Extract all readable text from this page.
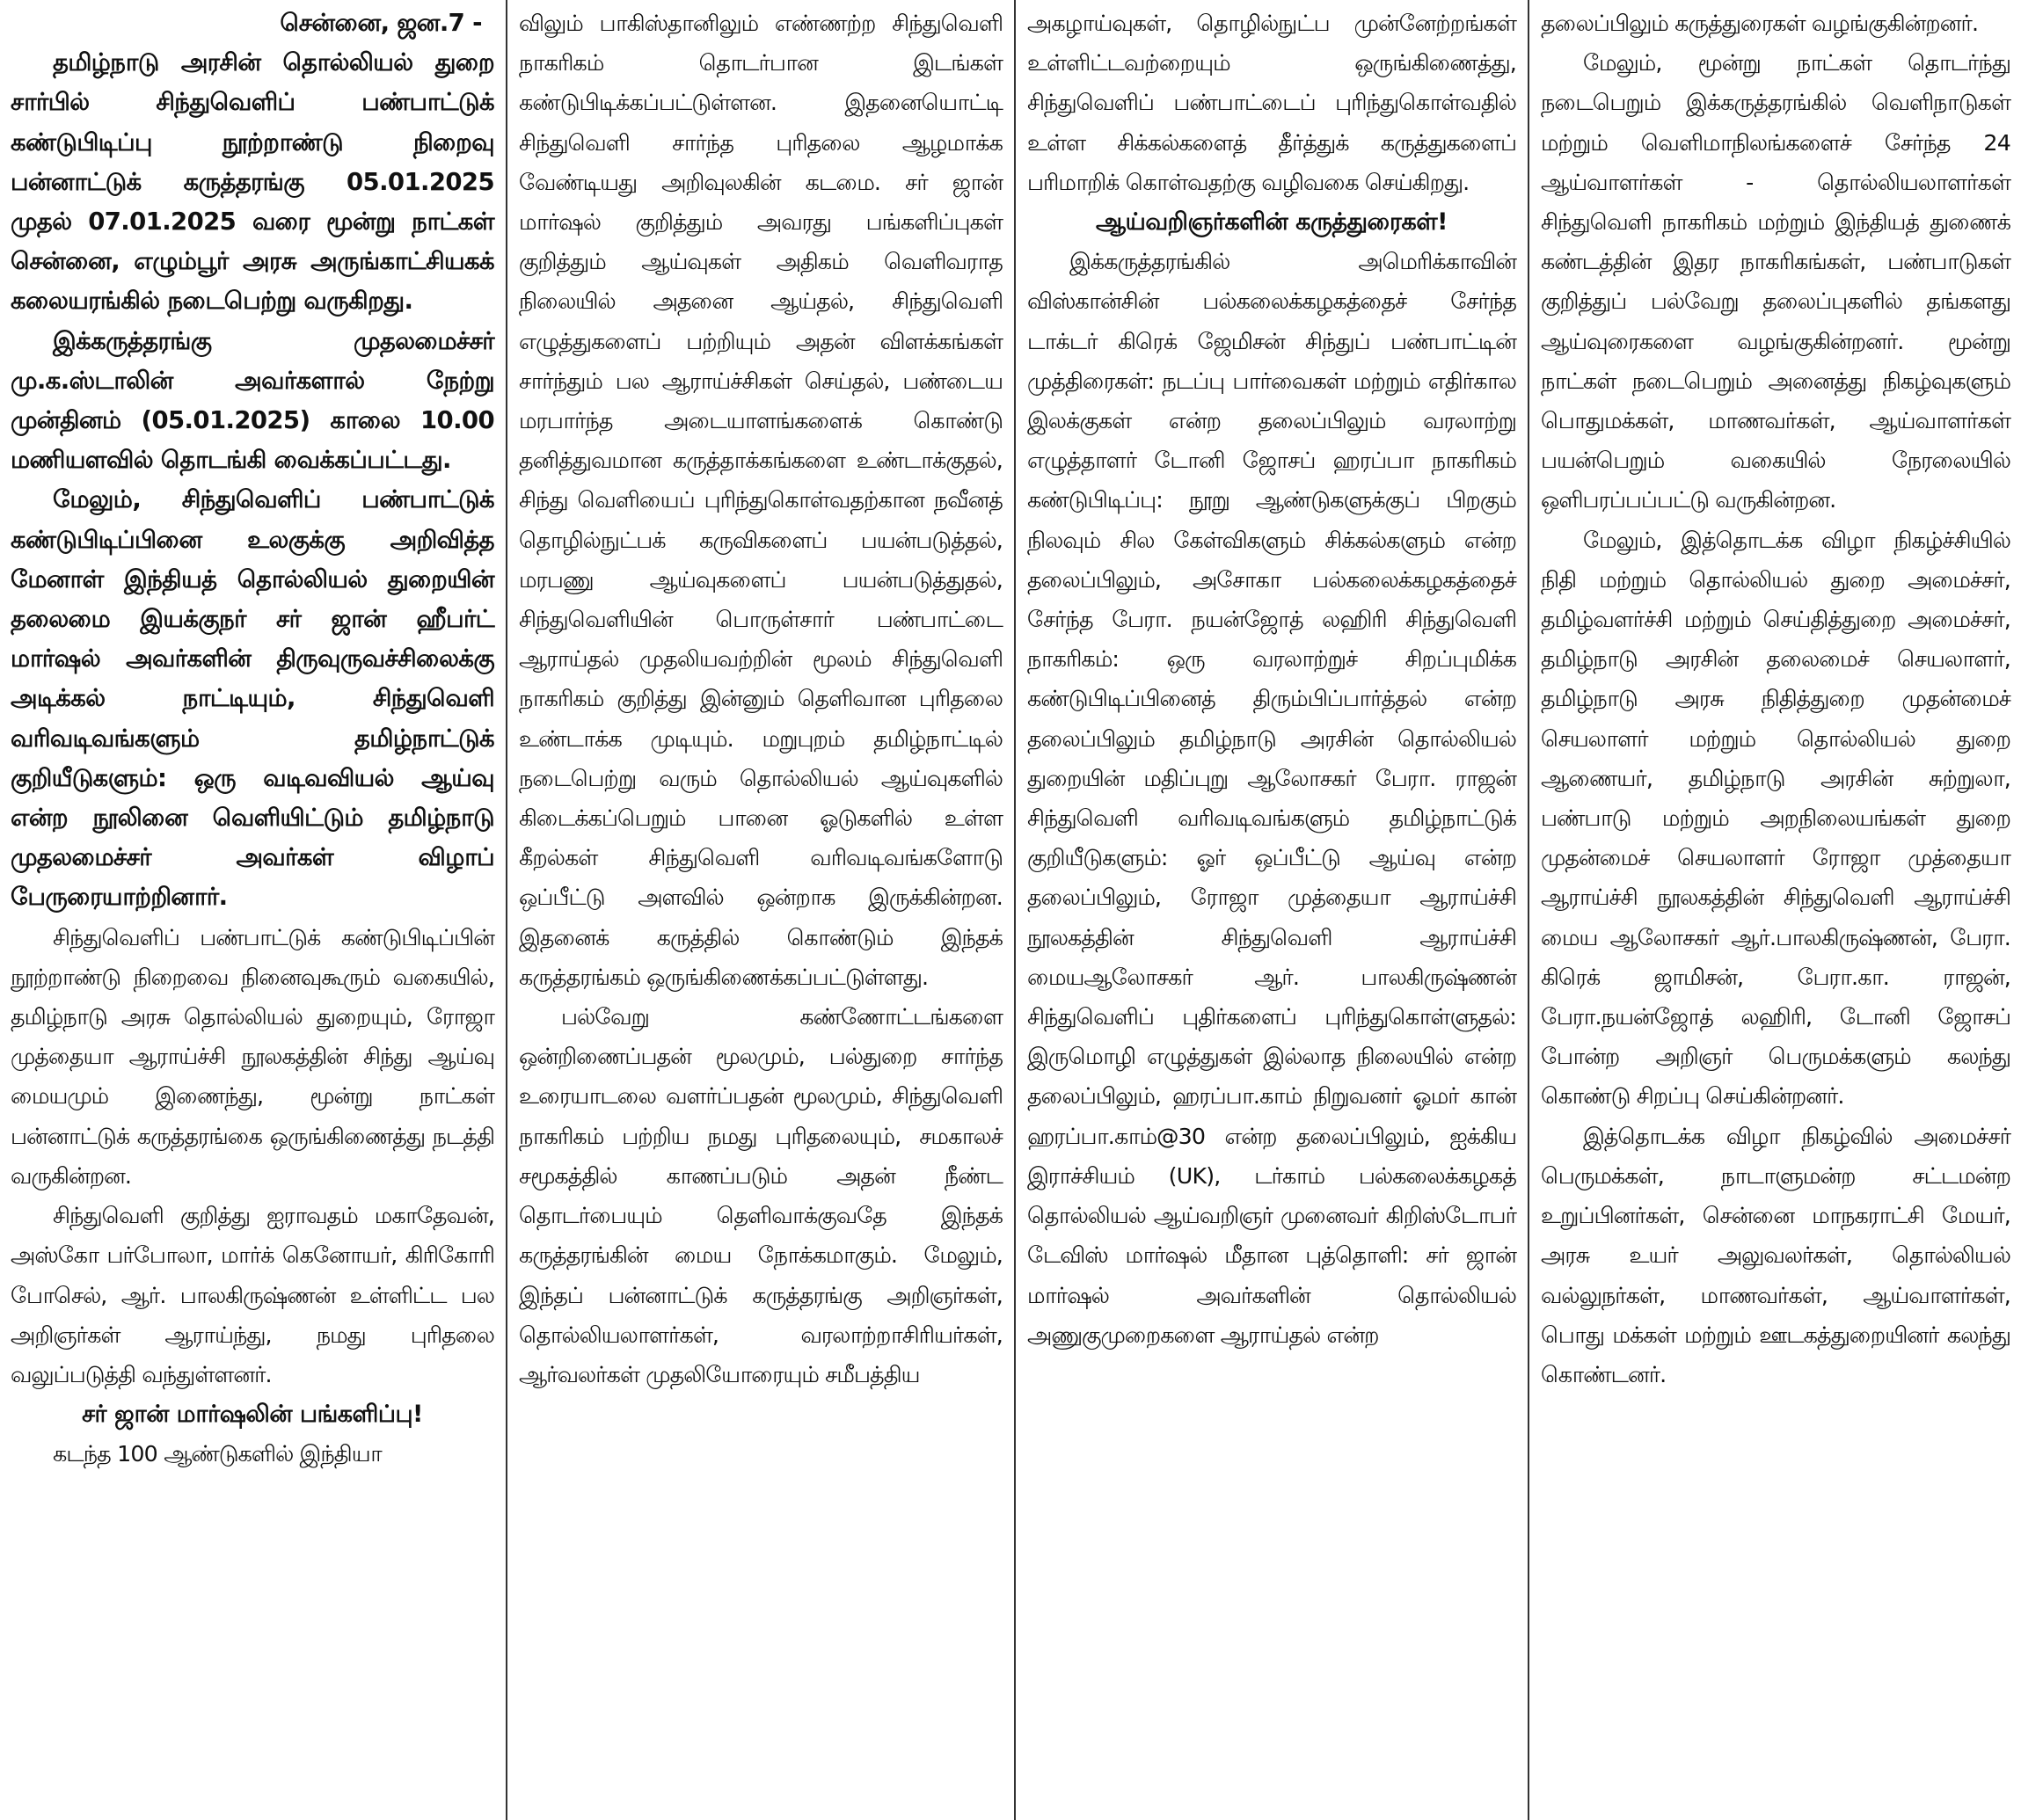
சென்னை, ஜன.7 -

தமிழ்நாடு அரசின் தொல்லியல் துறை சார்பில் சிந்துவெளிப் பண்பாட்டுக் கண்டுபிடிப்பு நூற்றாண்டு நிறைவு பன்னாட்டுக் கருத்தரங்கு 05.01.2025 முதல் 07.01.2025 வரை மூன்று நாட்கள் சென்னை, எழும்பூர் அரசு அருங்காட்சியகக் கலையரங்கில் நடைபெற்று வருகிறது.

இக்கருத்தரங்கு முதலமைச்சர் மு.க.ஸ்டாலின் அவர்களால் நேற்று முன்தினம் (05.01.2025) காலை 10.00 மணியளவில் தொடங்கி வைக்கப்பட்டது.

மேலும், சிந்துவெளிப் பண்பாட்டுக் கண்டுபிடிப்பினை உலகுக்கு அறிவித்த மேனாள் இந்தியத் தொல்லியல் துறையின் தலைமை இயக்குநர் சர் ஜான் ஹீபர்ட் மார்ஷல் அவர்களின் திருவுருவச்சிலைக்கு அடிக்கல் நாட்டியும், சிந்துவெளி வரிவடிவங்களும் தமிழ்நாட்டுக் குறியீடுகளும்: ஒரு வடிவவியல் ஆய்வு என்ற நூலினை வெளியிட்டும் தமிழ்நாடு முதலமைச்சர் அவர்கள் விழாப் பேருரையாற்றினார்.

சிந்துவெளிப் பண்பாட்டுக் கண்டுபிடிப்பின் நூற்றாண்டு நிறைவை நினைவுகூரும் வகையில், தமிழ்நாடு அரசு தொல்லியல் துறையும், ரோஜா முத்தையா ஆராய்ச்சி நூலகத்தின் சிந்து ஆய்வு மையமும் இணைந்து, மூன்று நாட்கள் பன்னாட்டுக் கருத்தரங்கை ஒருங்கிணைத்து நடத்தி வருகின்றன.

சிந்துவெளி குறித்து ஐராவதம் மகாதேவன், அஸ்கோ பர்போலா, மார்க் கெனோயர், கிரிகோரி போசெல், ஆர். பாலகிருஷ்ணன் உள்ளிட்ட பல அறிஞர்கள் ஆராய்ந்து, நமது புரிதலை வலுப்படுத்தி வந்துள்ளனர்.

சர் ஜான் மார்ஷலின் பங்களிப்பு!

கடந்த 100 ஆண்டுகளில் இந்தியா

விலும் பாகிஸ்தானிலும் எண்ணற்ற சிந்துவெளி நாகரிகம் தொடர்பான இடங்கள் கண்டுபிடிக்கப்பட்டுள்ளன. இதனையொட்டி சிந்துவெளி சார்ந்த புரிதலை ஆழமாக்க வேண்டியது அறிவுலகின் கடமை. சர் ஜான் மார்ஷல் குறித்தும் அவரது பங்களிப்புகள் குறித்தும் ஆய்வுகள் அதிகம் வெளிவராத நிலையில் அதனை ஆய்தல், சிந்துவெளி எழுத்துகளைப் பற்றியும் அதன் விளக்கங்கள் சார்ந்தும் பல ஆராய்ச்சிகள் செய்தல், பண்டைய மரபார்ந்த அடையாளங்களைக் கொண்டு தனித்துவமான கருத்தாக்கங்களை உண்டாக்குதல், சிந்து வெளியைப் புரிந்துகொள்வதற்கான நவீனத் தொழில்நுட்பக் கருவிகளைப் பயன்படுத்தல், மரபணு ஆய்வுகளைப் பயன்படுத்துதல், சிந்துவெளியின் பொருள்சார் பண்பாட்டை ஆராய்தல் முதலியவற்றின் மூலம் சிந்துவெளி நாகரிகம் குறித்து இன்னும் தெளிவான புரிதலை உண்டாக்க முடியும். மறுபுறம் தமிழ்நாட்டில் நடைபெற்று வரும் தொல்லியல் ஆய்வுகளில் கிடைக்கப்பெறும் பானை ஓடுகளில் உள்ள கீறல்கள் சிந்துவெளி வரிவடிவங்களோடு ஒப்பீட்டு அளவில் ஒன்றாக இருக்கின்றன. இதனைக் கருத்தில் கொண்டும் இந்தக் கருத்தரங்கம் ஒருங்கிணைக்கப்பட்டுள்ளது.

பல்வேறு கண்ணோட்டங்களை ஒன்றிணைப்பதன் மூலமும், பல்துறை சார்ந்த உரையாடலை வளர்ப்பதன் மூலமும், சிந்துவெளி நாகரிகம் பற்றிய நமது புரிதலையும், சமகாலச் சமூகத்தில் காணப்படும் அதன் நீண்ட தொடர்பையும் தெளிவாக்குவதே இந்தக் கருத்தரங்கின் மைய நோக்கமாகும். மேலும், இந்தப் பன்னாட்டுக் கருத்தரங்கு அறிஞர்கள், தொல்லியலாளர்கள், வரலாற்றாசிரியர்கள், ஆர்வலர்கள் முதலியோரையும் சமீபத்திய

அகழாய்வுகள், தொழில்நுட்ப முன்னேற்றங்கள் உள்ளிட்டவற்றையும் ஒருங்கிணைத்து, சிந்துவெளிப் பண்பாட்டைப் புரிந்துகொள்வதில் உள்ள சிக்கல்களைத் தீர்த்துக் கருத்துகளைப் பரிமாறிக் கொள்வதற்கு வழிவகை செய்கிறது.

ஆய்வறிஞர்களின் கருத்துரைகள்!

இக்கருத்தரங்கில் அமெரிக்காவின் விஸ்கான்சின் பல்கலைக்கழகத்தைச் சேர்ந்த டாக்டர் கிரெக் ஜேமிசன் சிந்துப் பண்பாட்டின் முத்திரைகள்: நடப்பு பார்வைகள் மற்றும் எதிர்கால இலக்குகள் என்ற தலைப்பிலும் வரலாற்று எழுத்தாளர் டோனி ஜோசப் ஹரப்பா நாகரிகம் கண்டுபிடிப்பு: நூறு ஆண்டுகளுக்குப் பிறகும் நிலவும் சில கேள்விகளும் சிக்கல்களும் என்ற தலைப்பிலும், அசோகா பல்கலைக்கழகத்தைச் சேர்ந்த பேரா. நயன்ஜோத் லஹிரி சிந்துவெளி நாகரிகம்: ஒரு வரலாற்றுச் சிறப்புமிக்க கண்டுபிடிப்பினைத் திரும்பிப்பார்த்தல் என்ற தலைப்பிலும் தமிழ்நாடு அரசின் தொல்லியல் துறையின் மதிப்புறு ஆலோசகர் பேரா. ராஜன் சிந்துவெளி வரிவடிவங்களும் தமிழ்நாட்டுக் குறியீடுகளும்: ஓர் ஒப்பீட்டு ஆய்வு என்ற தலைப்பிலும், ரோஜா முத்தையா ஆராய்ச்சி நூலகத்தின் சிந்துவெளி ஆராய்ச்சி மையஆலோசகர் ஆர். பாலகிருஷ்ணன் சிந்துவெளிப் புதிர்களைப் புரிந்துகொள்ளுதல்: இருமொழி எழுத்துகள் இல்லாத நிலையில் என்ற தலைப்பிலும், ஹரப்பா.காம் நிறுவனர் ஓமர் கான் ஹரப்பா.காம்@30 என்ற தலைப்பிலும், ஐக்கிய இராச்சியம் (UK), டர்காம் பல்கலைக்கழகத் தொல்லியல் ஆய்வறிஞர் முனைவர் கிறிஸ்டோபர் டேவிஸ் மார்ஷல் மீதான புத்தொளி: சர் ஜான் மார்ஷல் அவர்களின் தொல்லியல் அணுகுமுறைகளை ஆராய்தல் என்ற

தலைப்பிலும் கருத்துரைகள் வழங்குகின்றனர்.

மேலும், மூன்று நாட்கள் தொடர்ந்து நடைபெறும் இக்கருத்தரங்கில் வெளிநாடுகள் மற்றும் வெளிமாநிலங்களைச் சேர்ந்த 24 ஆய்வாளர்கள் - தொல்லியலாளர்கள் சிந்துவெளி நாகரிகம் மற்றும் இந்தியத் துணைக் கண்டத்தின் இதர நாகரிகங்கள், பண்பாடுகள் குறித்துப் பல்வேறு தலைப்புகளில் தங்களது ஆய்வுரைகளை வழங்குகின்றனர். மூன்று நாட்கள் நடைபெறும் அனைத்து நிகழ்வுகளும் பொதுமக்கள், மாணவர்கள், ஆய்வாளர்கள் பயன்பெறும் வகையில் நேரலையில் ஒளிபரப்பப்பட்டு வருகின்றன.

மேலும், இத்தொடக்க விழா நிகழ்ச்சியில் நிதி மற்றும் தொல்லியல் துறை அமைச்சர், தமிழ்வளர்ச்சி மற்றும் செய்தித்துறை அமைச்சர், தமிழ்நாடு அரசின் தலைமைச் செயலாளர், தமிழ்நாடு அரசு நிதித்துறை முதன்மைச் செயலாளர் மற்றும் தொல்லியல் துறை ஆணையர், தமிழ்நாடு அரசின் சுற்றுலா, பண்பாடு மற்றும் அறநிலையங்கள் துறை முதன்மைச் செயலாளர் ரோஜா முத்தையா ஆராய்ச்சி நூலகத்தின் சிந்துவெளி ஆராய்ச்சி மைய ஆலோசகர் ஆர்.பாலகிருஷ்ணன், பேரா. கிரெக் ஜாமிசன், பேரா.கா. ராஜன், பேரா.நயன்ஜோத் லஹிரி, டோனி ஜோசப் போன்ற அறிஞர் பெருமக்களும் கலந்து கொண்டு சிறப்பு செய்கின்றனர்.

இத்தொடக்க விழா நிகழ்வில் அமைச்சர் பெருமக்கள், நாடாளுமன்ற சட்டமன்ற உறுப்பினர்கள், சென்னை மாநகராட்சி மேயர், அரசு உயர் அலுவலர்கள், தொல்லியல் வல்லுநர்கள், மாணவர்கள், ஆய்வாளர்கள், பொது மக்கள் மற்றும் ஊடகத்துறையினர் கலந்து கொண்டனர்.
